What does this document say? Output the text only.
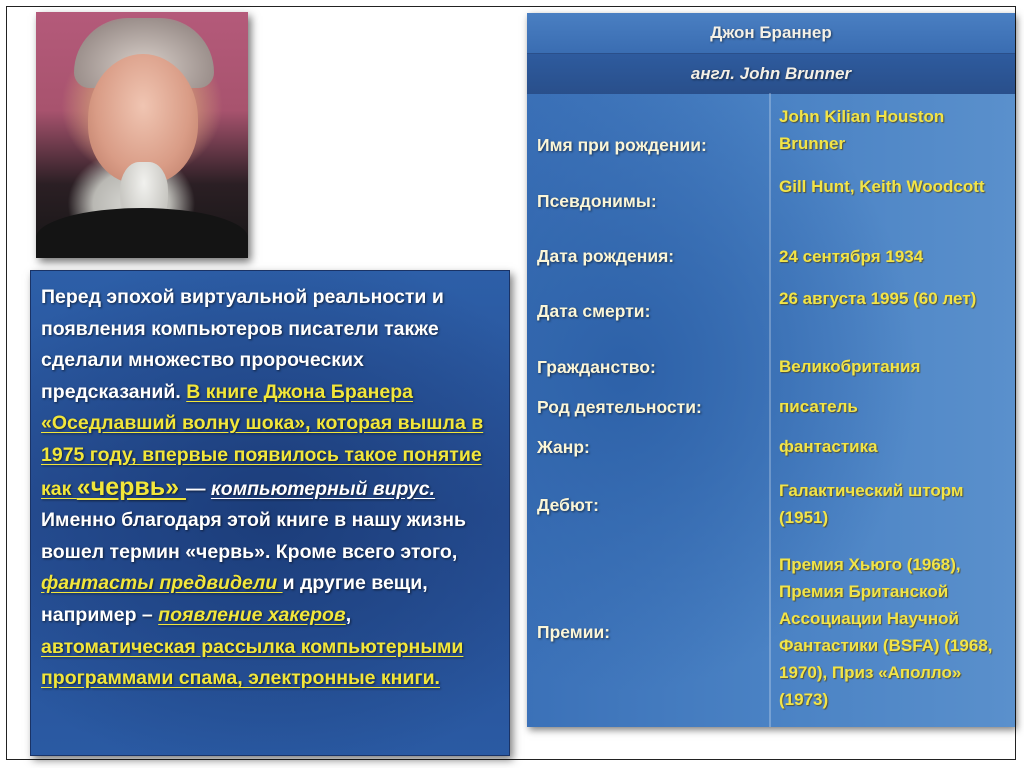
Перед эпохой виртуальной реальности и появления компьютеров писатели также сделали множество пророческих предсказаний. В книге Джона Бранера «Оседлавший волну шока», которая вышла в 1975 году, впервые появилось такое понятие как «червь» — компьютерный вирус. Именно благодаря этой книге в нашу жизнь вошел термин «червь». Кроме всего этого, фантасты предвидели и другие вещи, например – появление хакеров, автоматическая рассылка компьютерными программами спама, электронные книги.

Джон Браннер
англ. John Brunner
Имя при рождении:
John Kilian Houston Brunner
Псевдонимы:
Gill Hunt, Keith Woodcott
Дата рождения:	24 сентября 1934
Дата смерти:
26 августа 1995 (60 лет)
Гражданство:	Великобритания
Род деятельности:	писатель
Жанр:	фантастика
Дебют:
Галактический шторм (1951)
Премии:
Премия Хьюго (1968), Премия Британской Ассоциации Научной Фантастики (BSFA) (1968, 1970), Приз «Аполло» (1973)
